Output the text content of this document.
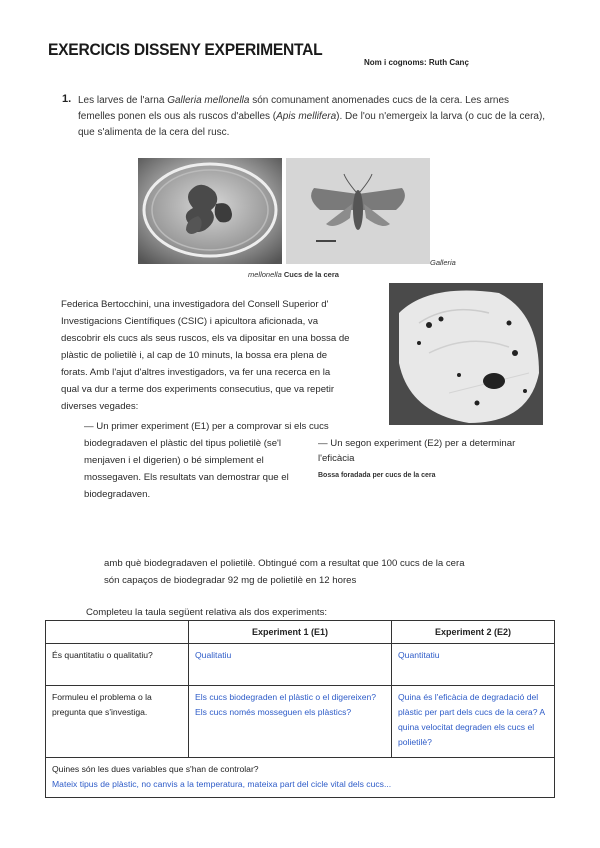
EXERCICIS DISSENY EXPERIMENTAL
Nom i cognoms: Ruth Canç
1. Les larves de l'arna Galleria mellonella són comunament anomenades cucs de la cera. Les arnes femelles ponen els ous als ruscos d'abelles (Apis mellifera). De l'ou n'emergeix la larva (o cuc de la cera), que s'alimenta de la cera del rusc.
Galleria
mellonella Cucs de la cera
Federica Bertocchini, una investigadora del Consell Superior d'
Investigacions Científiques (CSIC) i apicultora aficionada, va
descobrir els cucs als seus ruscos, els va dipositar en una bossa de
plàstic de polietilè i, al cap de 10 minuts, la bossa era plena de
forats. Amb l'ajut d'altres investigadors, va fer una recerca en la
qual va dur a terme dos experiments consecutius, que va repetir
diverses vegades:
— Un primer experiment (E1) per a comprovar si els cucs
biodegradaven el plàstic del tipus polietilè (se'l
menjaven i el digerien) o bé simplement el
mossegaven. Els resultats van demostrar que el
biodegradaven.
— Un segon experiment (E2) per a determinar
l'eficàcia
Bossa foradada per cucs de la cera
amb què biodegradaven el polietilè. Obtingué com a resultat que 100 cucs de la cera
són capaços de biodegradar 92 mg de polietilè en 12 hores
Completeu la taula següent relativa als dos experiments:
	Experiment 1 (E1)	Experiment 2 (E2)
És quantitatiu o qualitatiu?	Qualitatiu	Quantitatiu
Formuleu el problema o la pregunta que s'investiga.	Els cucs biodegraden el plàstic o el digereixen? Els cucs només mosseguen els plàstics?	Quina és l'eficàcia de degradació del plàstic per part dels cucs de la cera? A quina velocitat degraden els cucs el polietilè?

Quines són les dues variables que s'han de controlar?
Mateix tipus de plàstic, no canvis a la temperatura, mateixa part del cicle vital dels cucs...		
